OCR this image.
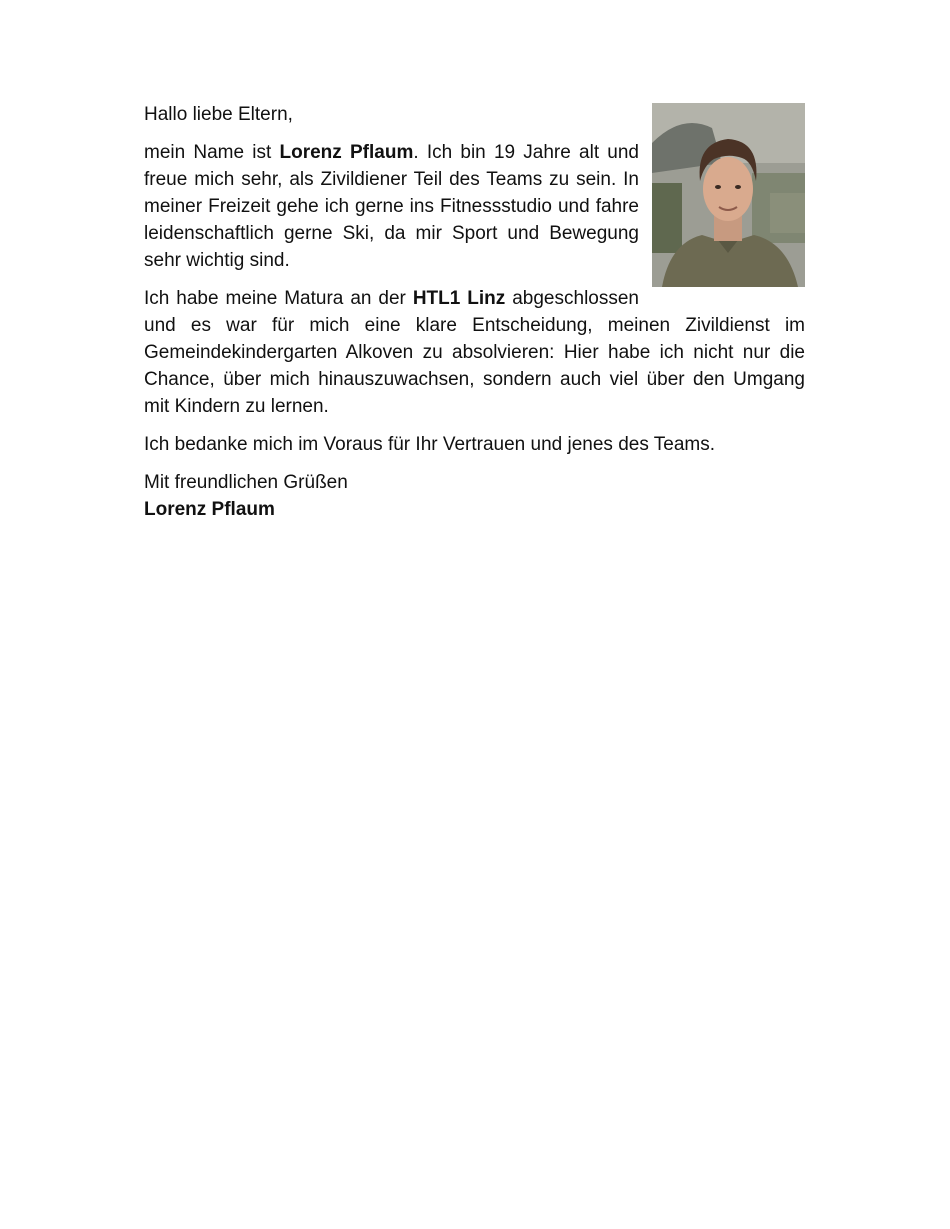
Hallo liebe Eltern,

mein Name ist Lorenz Pflaum. Ich bin 19 Jahre alt und freue mich sehr, als Zivildiener Teil des Teams zu sein. In meiner Freizeit gehe ich gerne ins Fitnessstudio und fahre leidenschaftlich gerne Ski, da mir Sport und Bewegung sehr wichtig sind.

Ich habe meine Matura an der HTL1 Linz abgeschlossen und es war für mich eine klare Entscheidung, meinen Zivildienst im Gemeindekindergarten Alkoven zu absolvieren: Hier habe ich nicht nur die Chance, über mich hinauszuwachsen, sondern auch viel über den Umgang mit Kindern zu lernen.

Ich bedanke mich im Voraus für Ihr Vertrauen und jenes des Teams.

Mit freundlichen Grüßen

Lorenz Pflaum
